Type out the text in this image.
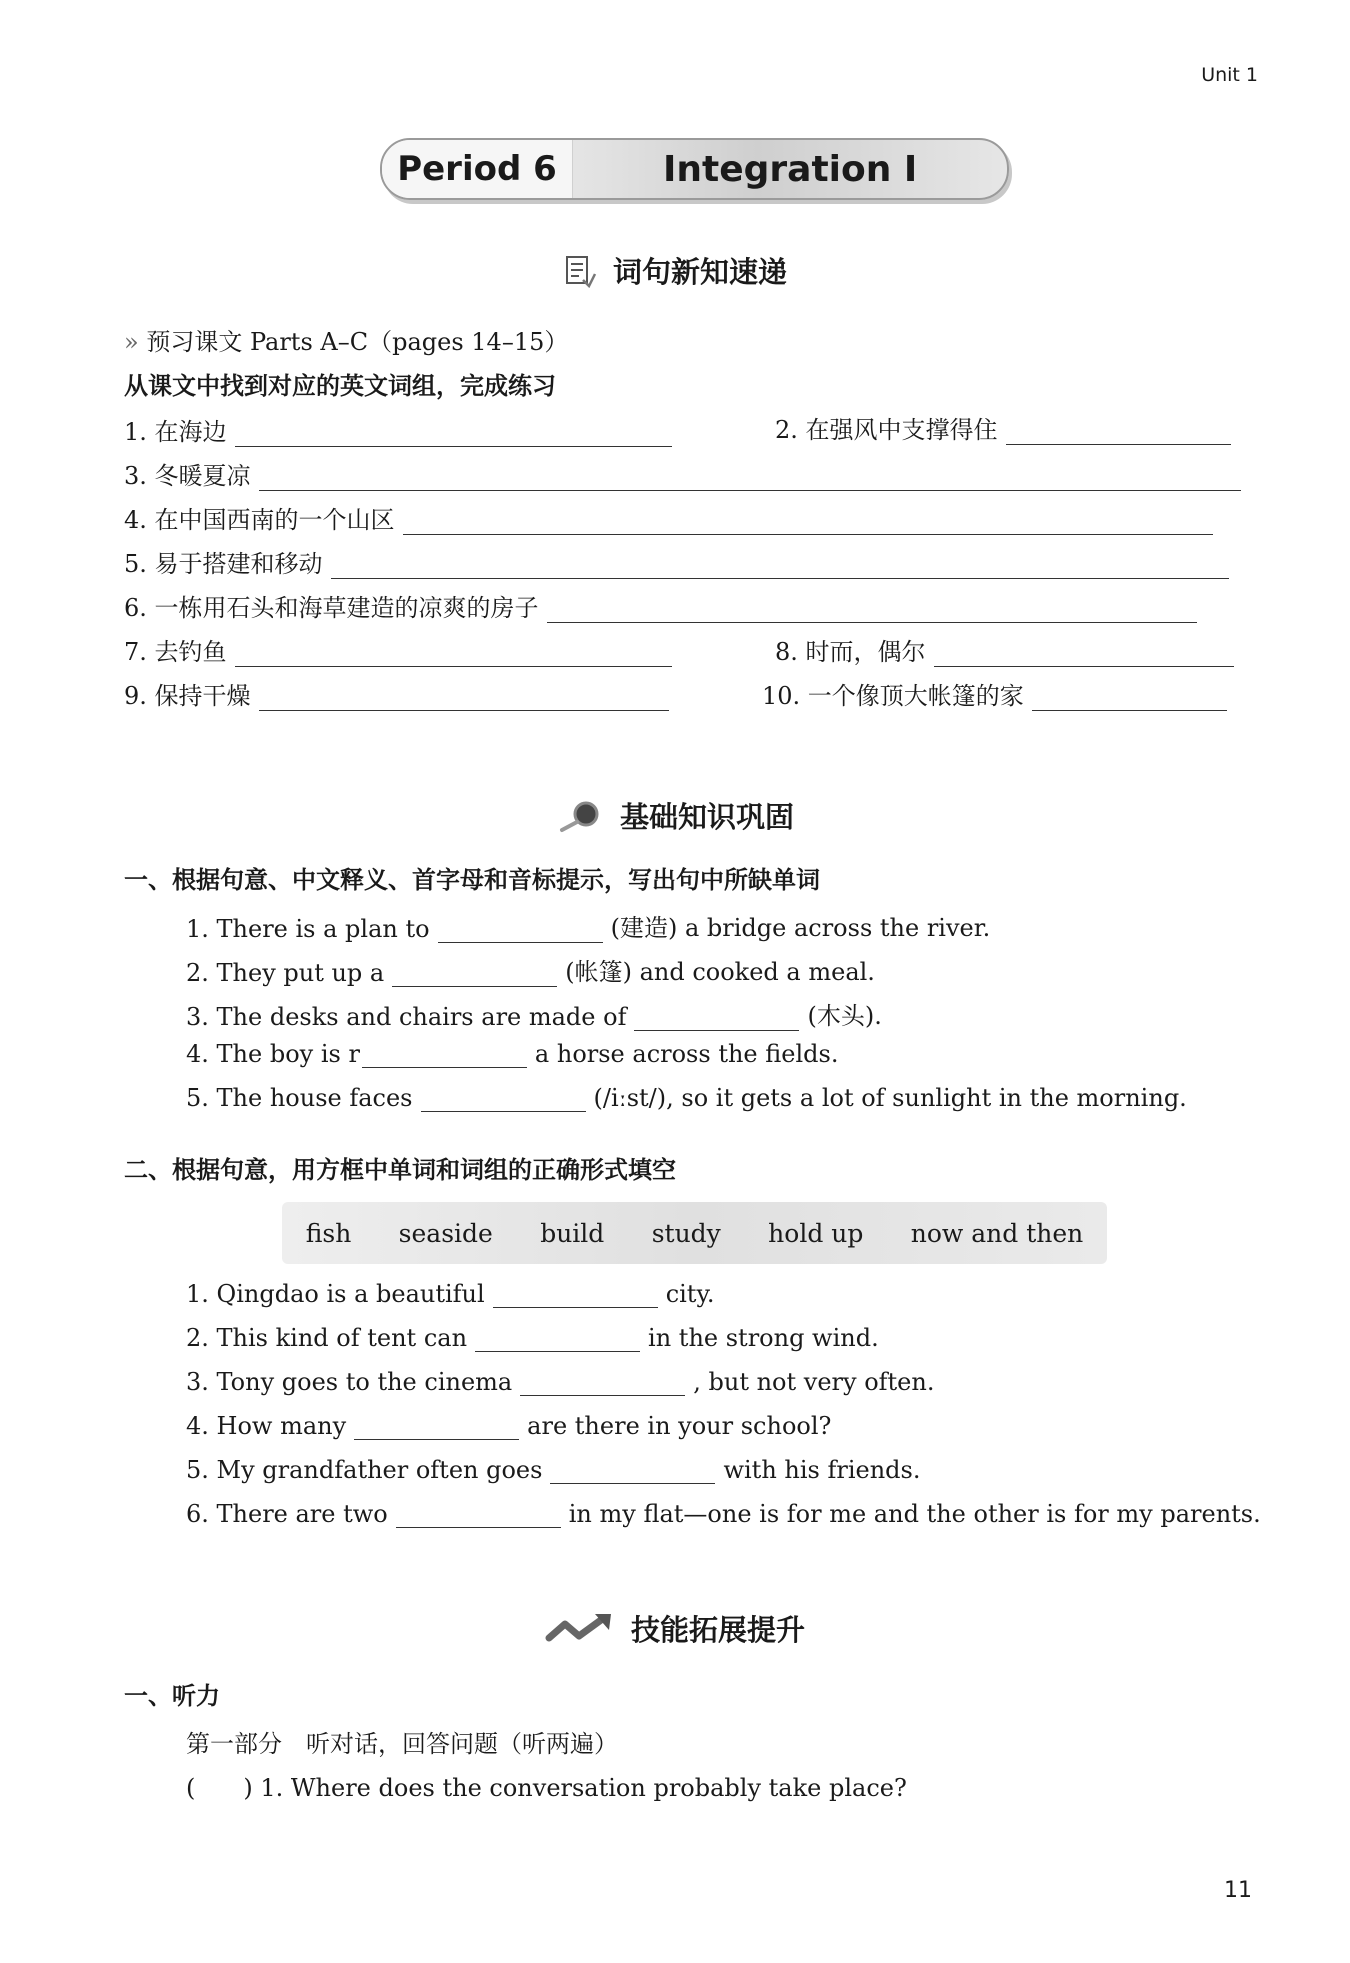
Unit 1
Period 6	Integration I
词句新知速递
» 预习课文 Parts A–C（pages 14–15）
从课文中找到对应的英文词组，完成练习
1. 在海边	2. 在强风中支撑得住
3. 冬暖夏凉
4. 在中国西南的一个山区
5. 易于搭建和移动
6. 一栋用石头和海草建造的凉爽的房子
7. 去钓鱼	8. 时而，偶尔
9. 保持干燥	10. 一个像顶大帐篷的家
基础知识巩固
一、根据句意、中文释义、首字母和音标提示，写出句中所缺单词
1. There is a plan to	(建造) a bridge across the river.
2. They put up a	(帐篷) and cooked a meal.
3. The desks and chairs are made of	(木头).
4. The boy is r	a horse across the fields.
5. The house faces	(/iːst/), so it gets a lot of sunlight in the morning.
二、根据句意，用方框中单词和词组的正确形式填空
fish seaside build study hold up now and then
1. Qingdao is a beautiful	city.
2. This kind of tent can	in the strong wind.
3. Tony goes to the cinema	, but not very often.
4. How many	are there in your school?
5. My grandfather often goes	with his friends.
6. There are two	in my flat—one is for me and the other is for my parents.
技能拓展提升
一、听力
第一部分　听对话，回答问题（听两遍）
(　　) 1. Where does the conversation probably take place?
11
